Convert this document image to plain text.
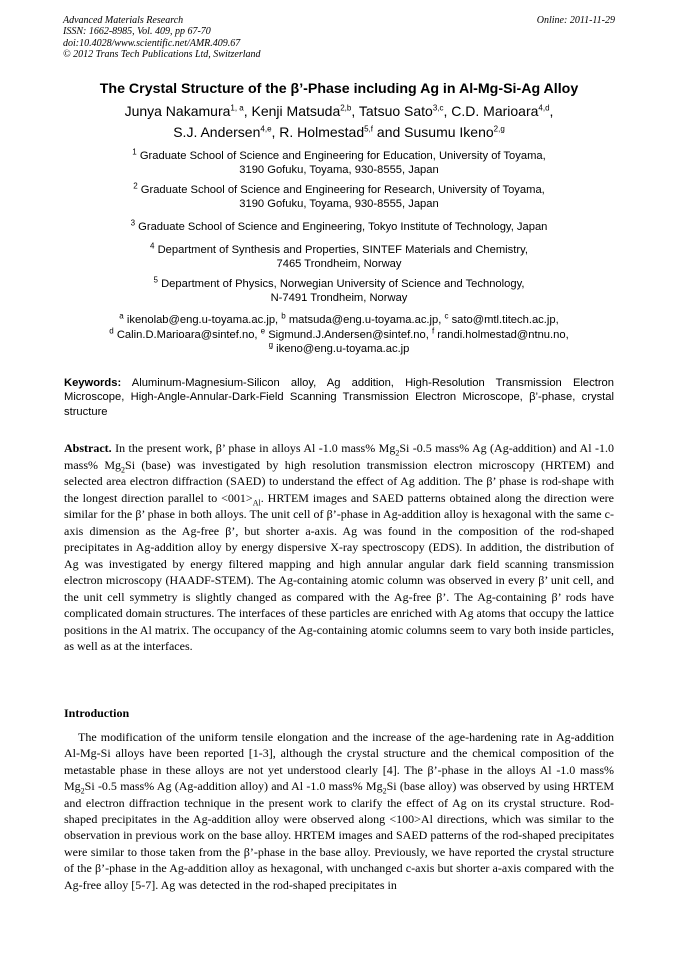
Advanced Materials Research
ISSN: 1662-8985, Vol. 409, pp 67-70
doi:10.4028/www.scientific.net/AMR.409.67
© 2012 Trans Tech Publications Ltd, Switzerland
Online: 2011-11-29
The Crystal Structure of the β’-Phase including Ag in Al-Mg-Si-Ag Alloy
Junya Nakamura$^{1, a}$, Kenji Matsuda$^{2,b}$, Tatsuo Sato$^{3,c}$, C.D. Marioara$^{4,d}$,
S.J. Andersen$^{4,e}$, R. Holmestad$^{5,f}$ and Susumu Ikeno$^{2,g}$
$^1$ Graduate School of Science and Engineering for Education, University of Toyama,
3190 Gofuku, Toyama, 930-8555, Japan
$^2$ Graduate School of Science and Engineering for Research, University of Toyama,
3190 Gofuku, Toyama, 930-8555, Japan
$^3$ Graduate School of Science and Engineering, Tokyo Institute of Technology, Japan
$^4$ Department of Synthesis and Properties, SINTEF Materials and Chemistry,
7465 Trondheim, Norway
$^5$ Department of Physics, Norwegian University of Science and Technology,
N-7491 Trondheim, Norway
$^a$ ikenolab@eng.u-toyama.ac.jp, $^b$ matsuda@eng.u-toyama.ac.jp, $^c$ sato@mtl.titech.ac.jp,
$^d$ Calin.D.Marioara@sintef.no, $^e$ Sigmund.J.Andersen@sintef.no, $^f$ randi.holmestad@ntnu.no,
$^g$ ikeno@eng.u-toyama.ac.jp
Keywords: Aluminum-Magnesium-Silicon alloy, Ag addition, High-Resolution Transmission Electron Microscope, High-Angle-Annular-Dark-Field Scanning Transmission Electron Microscope, β’-phase, crystal structure
Abstract. In the present work, β’ phase in alloys Al -1.0 mass% $Mg_2Si$ -0.5 mass% Ag (Ag-addition) and Al -1.0 mass% $Mg_2Si$ (base) was investigated by high resolution transmission electron microscopy (HRTEM) and selected area electron diffraction (SAED) to understand the effect of Ag addition. The β’ phase is rod-shape with the longest direction parallel to $<001>_{Al}$. HRTEM images and SAED patterns obtained along the direction were similar for the β’ phase in both alloys. The unit cell of β’-phase in Ag-addition alloy is hexagonal with the same c-axis dimension as the Ag-free β’, but shorter a-axis. Ag was found in the composition of the rod-shaped precipitates in Ag-addition alloy by energy dispersive X-ray spectroscopy (EDS). In addition, the distribution of Ag was investigated by energy filtered mapping and high annular angular dark field scanning transmission electron microscopy (HAADF-STEM). The Ag-containing atomic column was observed in every β’ unit cell, and the unit cell symmetry is slightly changed as compared with the Ag-free β’. The Ag-containing β’ rods have complicated domain structures. The interfaces of these particles are enriched with Ag atoms that occupy the lattice positions in the Al matrix. The occupancy of the Ag-containing atomic columns seem to vary both inside particles, as well as at the interfaces.
Introduction
The modification of the uniform tensile elongation and the increase of the age-hardening rate in Ag-addition Al-Mg-Si alloys have been reported [1-3], although the crystal structure and the chemical composition of the metastable phase in these alloys are not yet understood clearly [4]. The β’-phase in the alloys Al -1.0 mass% $Mg_2Si$ -0.5 mass% Ag (Ag-addition alloy) and Al -1.0 mass% $Mg_2Si$ (base alloy) was observed by using HRTEM and electron diffraction technique in the present work to clarify the effect of Ag on its crystal structure. Rod-shaped precipitates in the Ag-addition alloy were observed along <100>Al directions, which was similar to the observation in previous work on the base alloy. HRTEM images and SAED patterns of the rod-shaped precipitates were similar to those taken from the β’-phase in the base alloy. Previously, we have reported the crystal structure of the β’-phase in the Ag-addition alloy as hexagonal, with unchanged c-axis but shorter a-axis compared with the Ag-free alloy [5-7]. Ag was detected in the rod-shaped precipitates in
